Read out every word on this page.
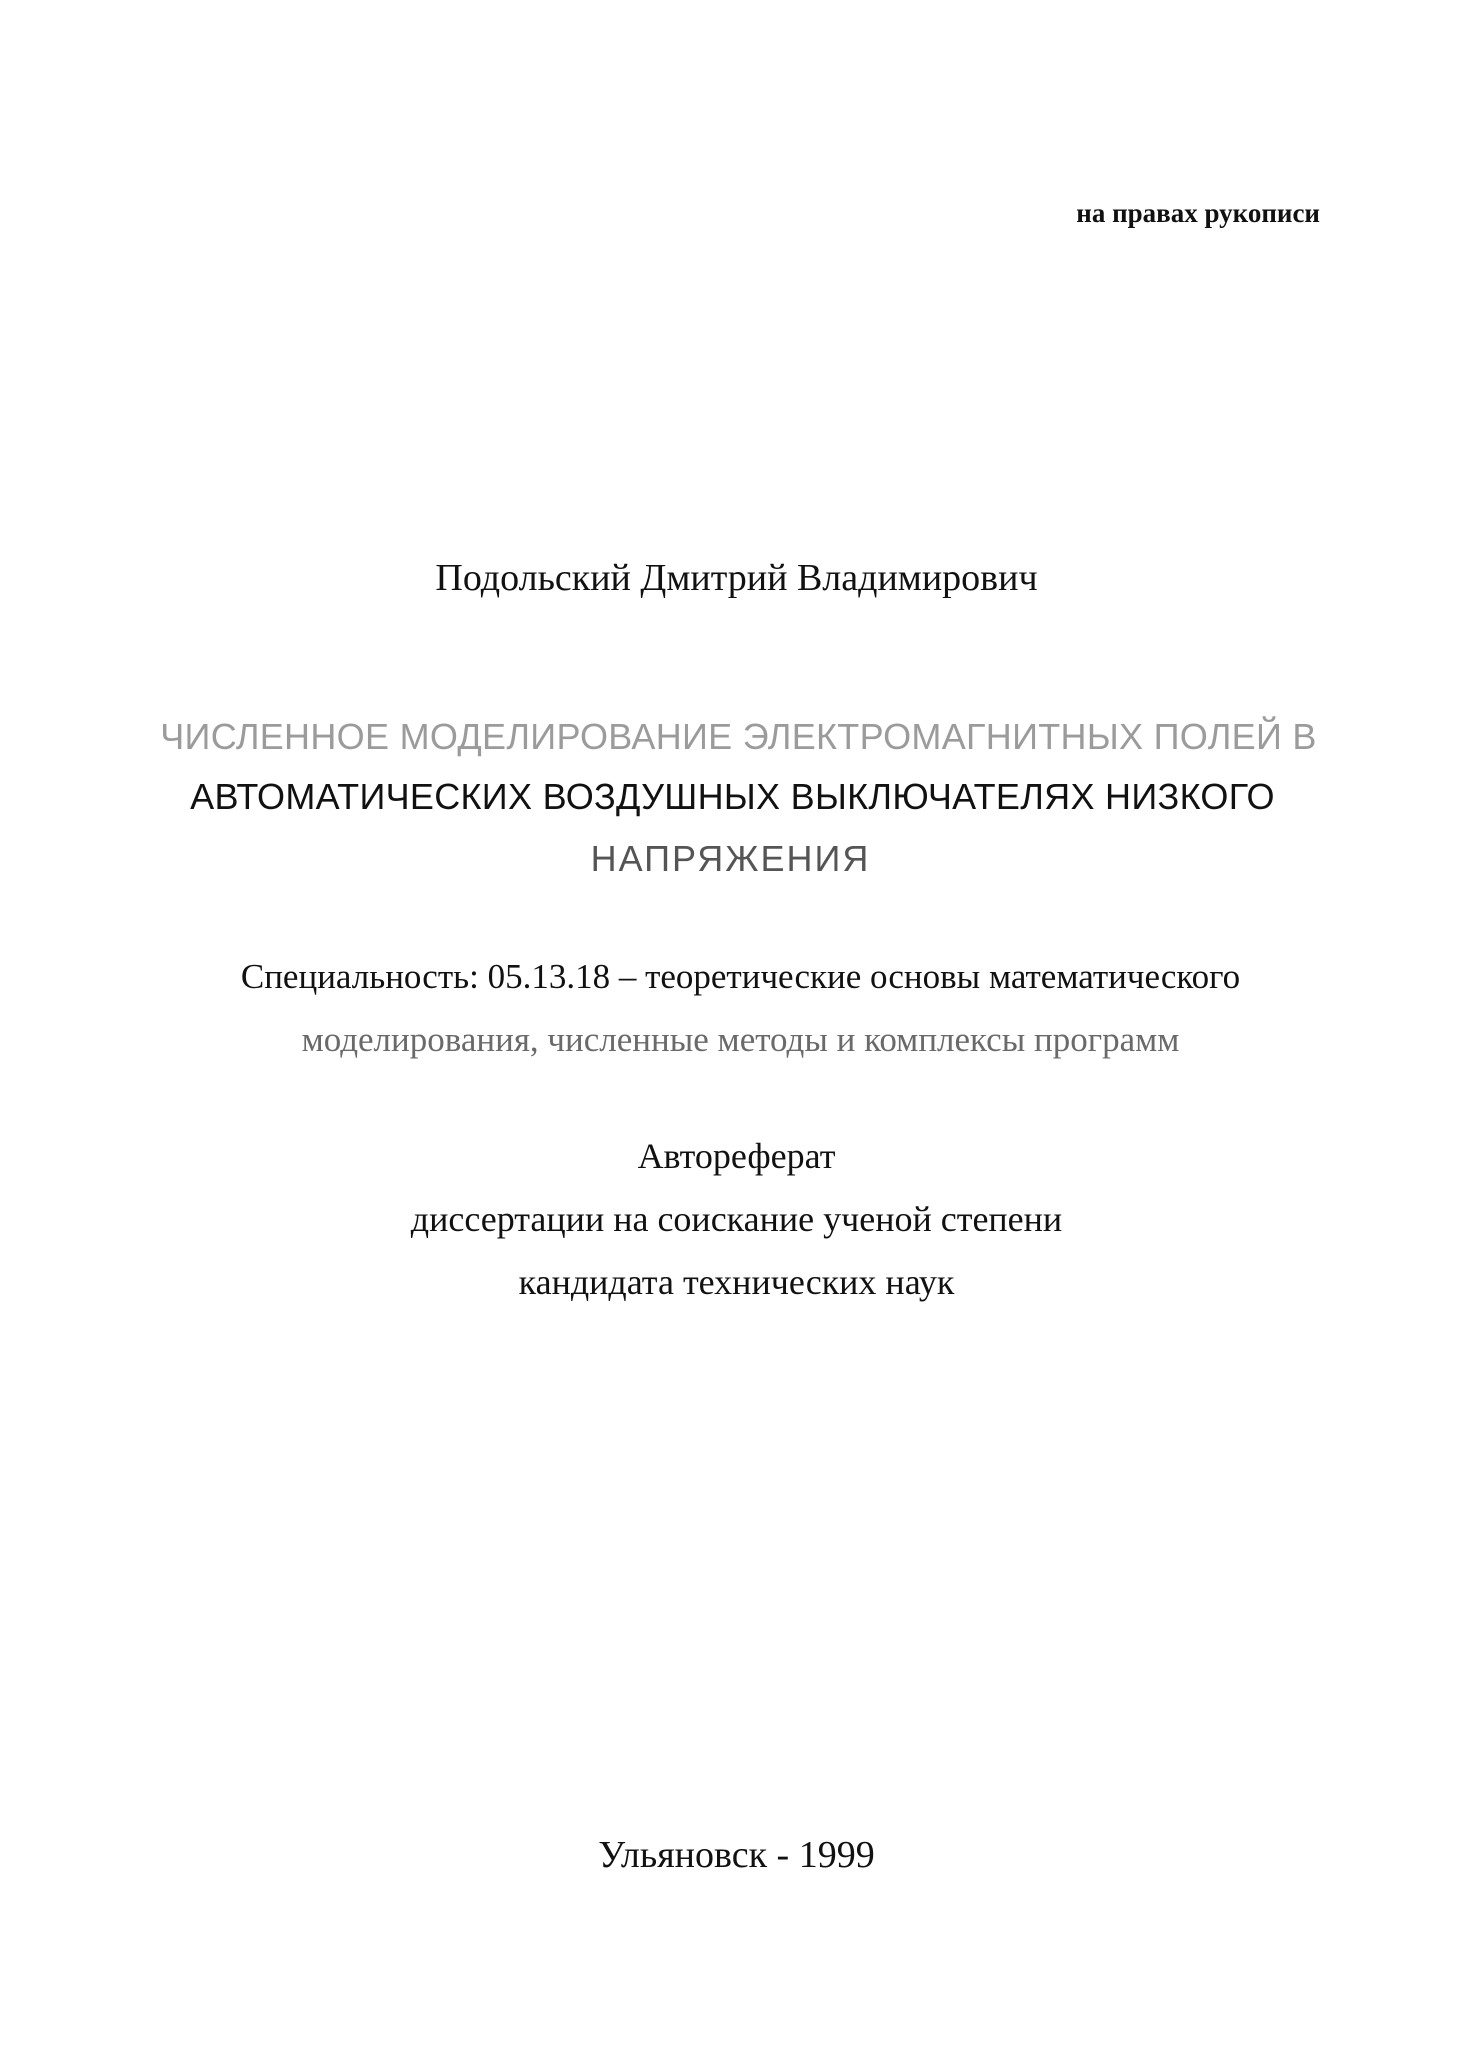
на правах рукописи
Подольский Дмитрий Владимирович
ЧИСЛЕННОЕ МОДЕЛИРОВАНИЕ ЭЛЕКТРОМАГНИТНЫХ ПОЛЕЙ В
АВТОМАТИЧЕСКИХ ВОЗДУШНЫХ ВЫКЛЮЧАТЕЛЯХ НИЗКОГО
НАПРЯЖЕНИЯ
Специальность: 05.13.18 – теоретические основы математического
моделирования, численные методы и комплексы программ
Автореферат
диссертации на соискание ученой степени
кандидата технических наук
Ульяновск - 1999
